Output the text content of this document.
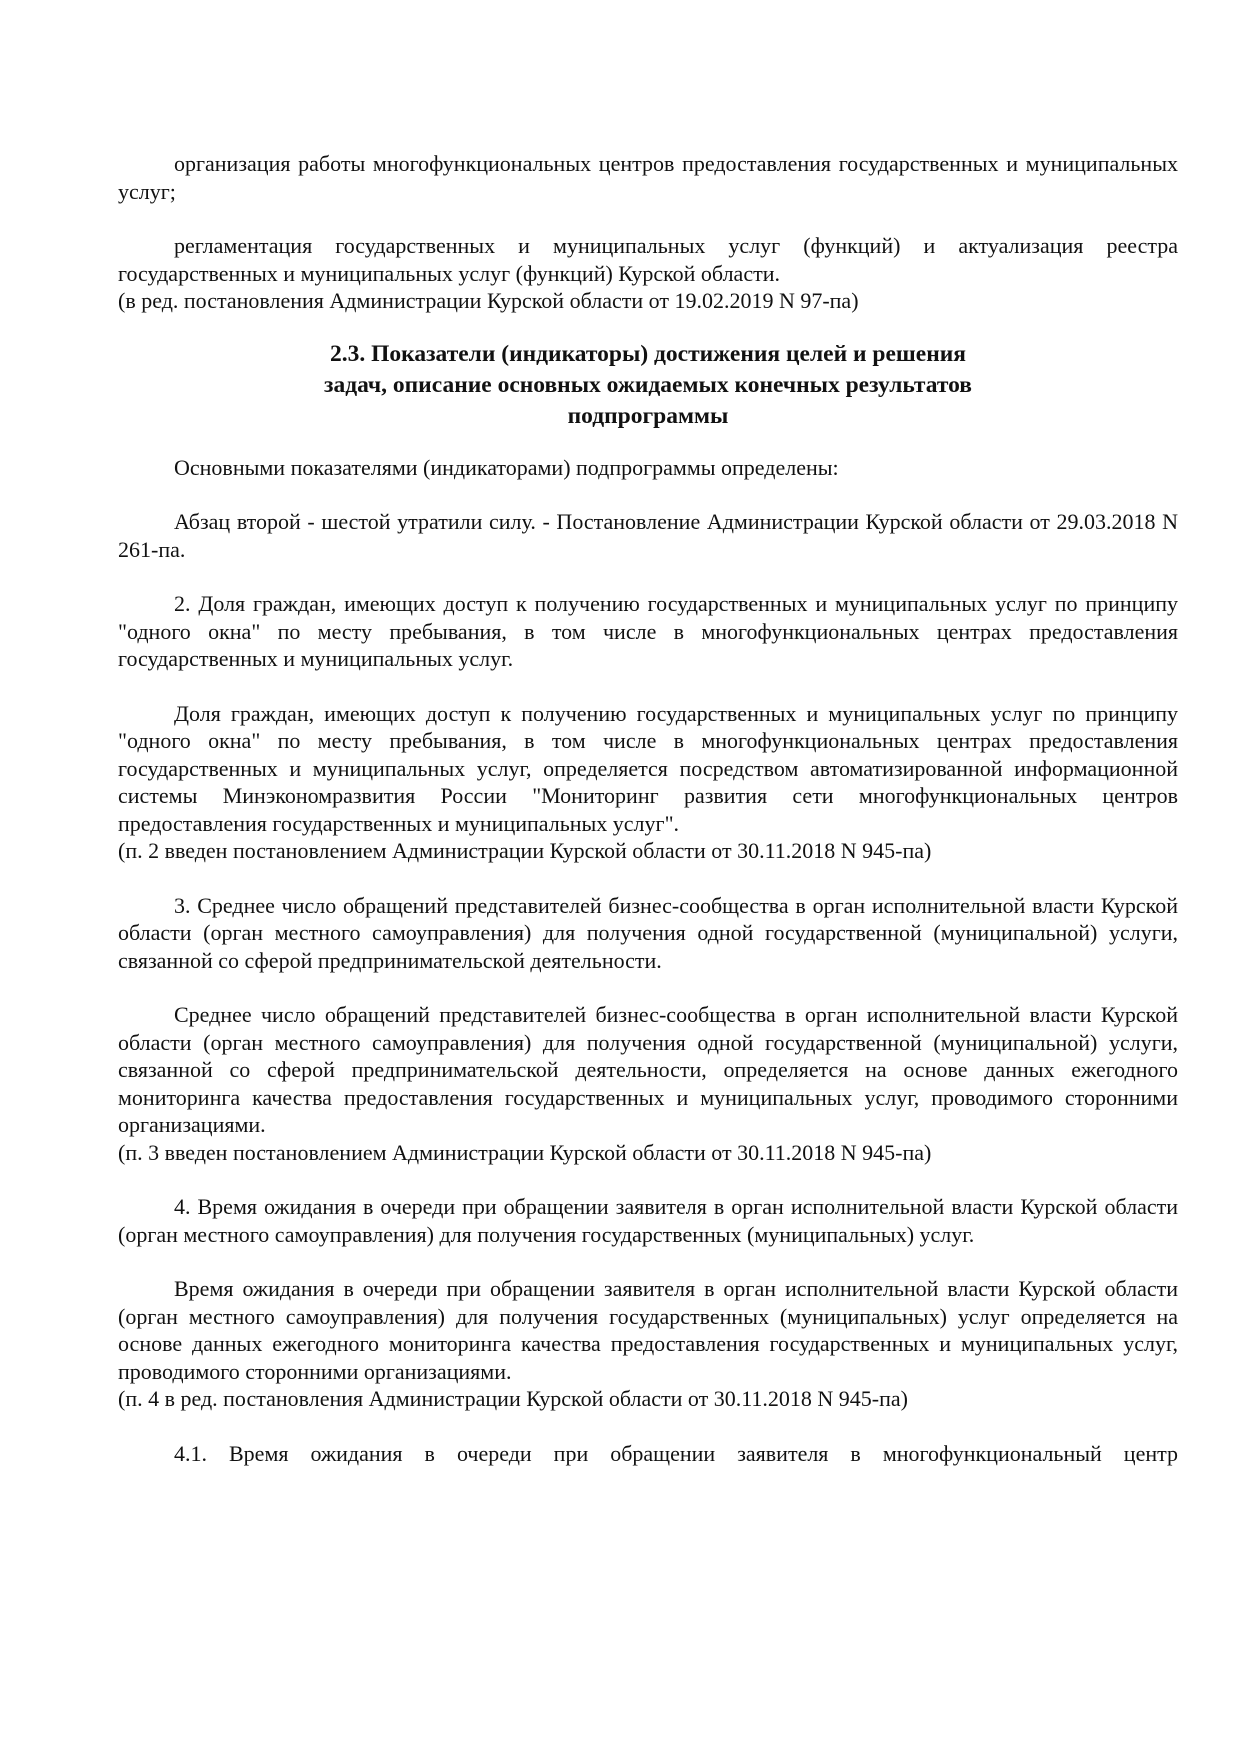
организация работы многофункциональных центров предоставления государственных и муниципальных услуг;

регламентация государственных и муниципальных услуг (функций) и актуализация реестра государственных и муниципальных услуг (функций) Курской области.

(в ред. постановления Администрации Курской области от 19.02.2019 N 97-па)

2.3. Показатели (индикаторы) достижения целей и решения
задач, описание основных ожидаемых конечных результатов
подпрограммы

Основными показателями (индикаторами) подпрограммы определены:

Абзац второй - шестой утратили силу. - Постановление Администрации Курской области от 29.03.2018 N 261-па.

2. Доля граждан, имеющих доступ к получению государственных и муниципальных услуг по принципу "одного окна" по месту пребывания, в том числе в многофункциональных центрах предоставления государственных и муниципальных услуг.

Доля граждан, имеющих доступ к получению государственных и муниципальных услуг по принципу "одного окна" по месту пребывания, в том числе в многофункциональных центрах предоставления государственных и муниципальных услуг, определяется посредством автоматизированной информационной системы Минэкономразвития России "Мониторинг развития сети многофункциональных центров предоставления государственных и муниципальных услуг".

(п. 2 введен постановлением Администрации Курской области от 30.11.2018 N 945-па)

3. Среднее число обращений представителей бизнес-сообщества в орган исполнительной власти Курской области (орган местного самоуправления) для получения одной государственной (муниципальной) услуги, связанной со сферой предпринимательской деятельности.

Среднее число обращений представителей бизнес-сообщества в орган исполнительной власти Курской области (орган местного самоуправления) для получения одной государственной (муниципальной) услуги, связанной со сферой предпринимательской деятельности, определяется на основе данных ежегодного мониторинга качества предоставления государственных и муниципальных услуг, проводимого сторонними организациями.

(п. 3 введен постановлением Администрации Курской области от 30.11.2018 N 945-па)

4. Время ожидания в очереди при обращении заявителя в орган исполнительной власти Курской области (орган местного самоуправления) для получения государственных (муниципальных) услуг.

Время ожидания в очереди при обращении заявителя в орган исполнительной власти Курской области (орган местного самоуправления) для получения государственных (муниципальных) услуг определяется на основе данных ежегодного мониторинга качества предоставления государственных и муниципальных услуг, проводимого сторонними организациями.

(п. 4 в ред. постановления Администрации Курской области от 30.11.2018 N 945-па)

4.1. Время ожидания в очереди при обращении заявителя в многофункциональный центр
